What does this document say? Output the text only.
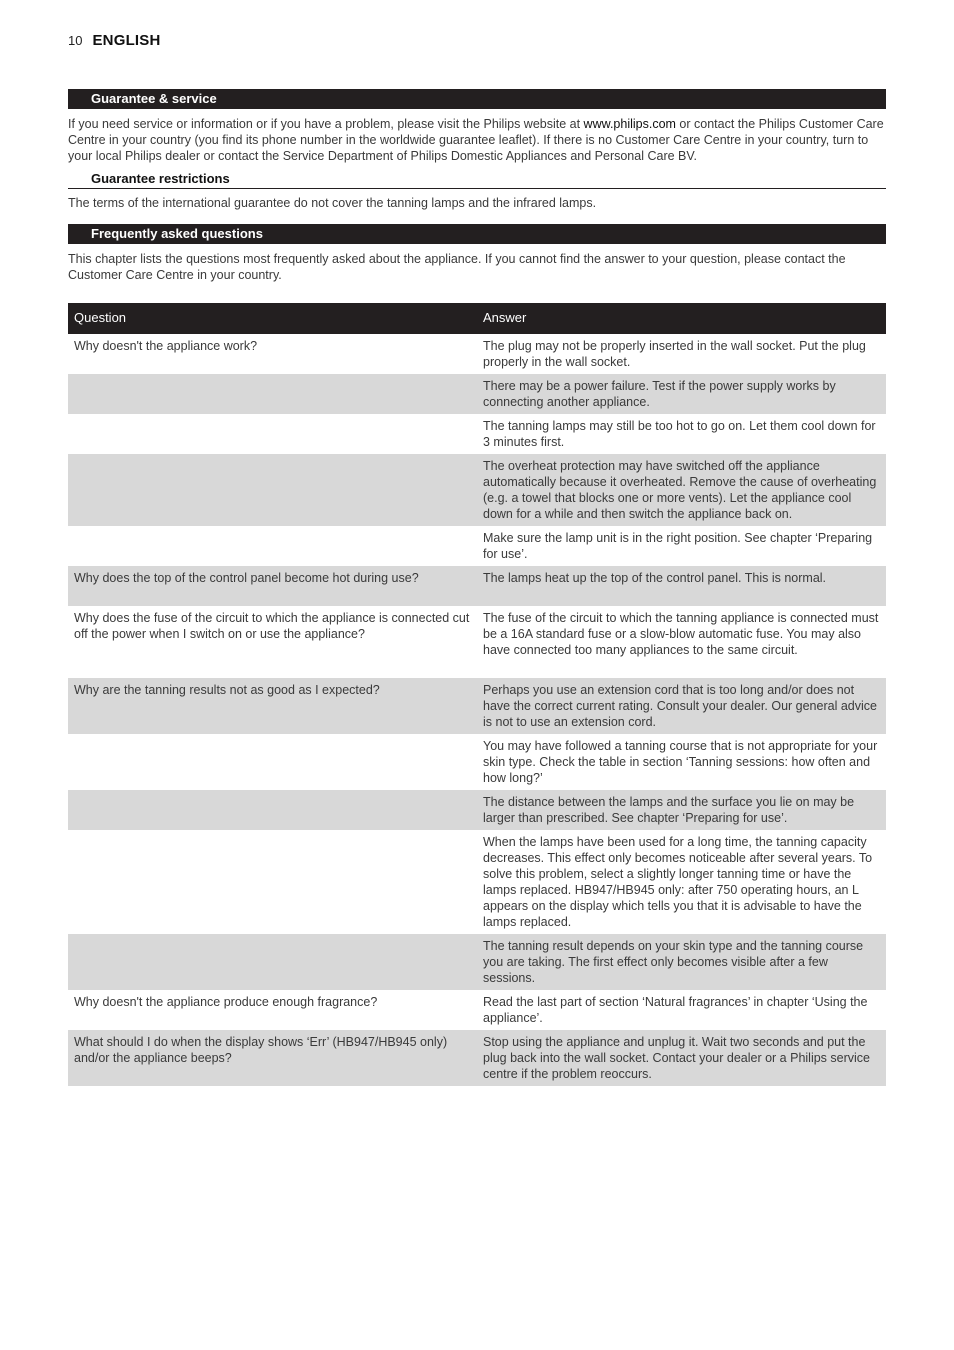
10 ENGLISH
Guarantee & service

If you need service or information or if you have a problem, please visit the Philips website at www.philips.com or contact the Philips Customer Care Centre in your country (you find its phone number in the worldwide guarantee leaflet). If there is no Customer Care Centre in your country, turn to your local Philips dealer or contact the Service Department of Philips Domestic Appliances and Personal Care BV.

Guarantee restrictions

The terms of the international guarantee do not cover the tanning lamps and the infrared lamps.

Frequently asked questions

This chapter lists the questions most frequently asked about the appliance. If you cannot find the answer to your question, please contact the Customer Care Centre in your country.

Question	Answer
Why doesn't the appliance work?	The plug may not be properly inserted in the wall socket. Put the plug properly in the wall socket.
	There may be a power failure. Test if the power supply works by connecting another appliance.
	The tanning lamps may still be too hot to go on. Let them cool down for 3 minutes first.
	The overheat protection may have switched off the appliance automatically because it overheated. Remove the cause of overheating (e.g. a towel that blocks one or more vents). Let the appliance cool down for a while and then switch the appliance back on.
	Make sure the lamp unit is in the right position. See chapter ‘Preparing for use’.
Why does the top of the control panel become hot during use?	The lamps heat up the top of the control panel. This is normal.
Why does the fuse of the circuit to which the appliance is connected cut off the power when I switch on or use the appliance?	The fuse of the circuit to which the tanning appliance is connected must be a 16A standard fuse or a slow-blow automatic fuse. You may also have connected too many appliances to the same circuit.
Why are the tanning results not as good as I expected?	Perhaps you use an extension cord that is too long and/or does not have the correct current rating. Consult your dealer. Our general advice is not to use an extension cord.
	You may have followed a tanning course that is not appropriate for your skin type. Check the table in section ‘Tanning sessions: how often and how long?’
	The distance between the lamps and the surface you lie on may be larger than prescribed. See chapter ‘Preparing for use’.
	When the lamps have been used for a long time, the tanning capacity decreases. This effect only becomes noticeable after several years. To solve this problem, select a slightly longer tanning time or have the lamps replaced. HB947/HB945 only: after 750 operating hours, an L appears on the display which tells you that it is advisable to have the lamps replaced.
	The tanning result depends on your skin type and the tanning course you are taking. The first effect only becomes visible after a few sessions.
Why doesn't the appliance produce enough fragrance?	Read the last part of section ‘Natural fragrances’ in chapter ‘Using the appliance’.
What should I do when the display shows ‘Err’ (HB947/HB945 only) and/or the appliance beeps?	Stop using the appliance and unplug it. Wait two seconds and put the plug back into the wall socket. Contact your dealer or a Philips service centre if the problem reoccurs.
